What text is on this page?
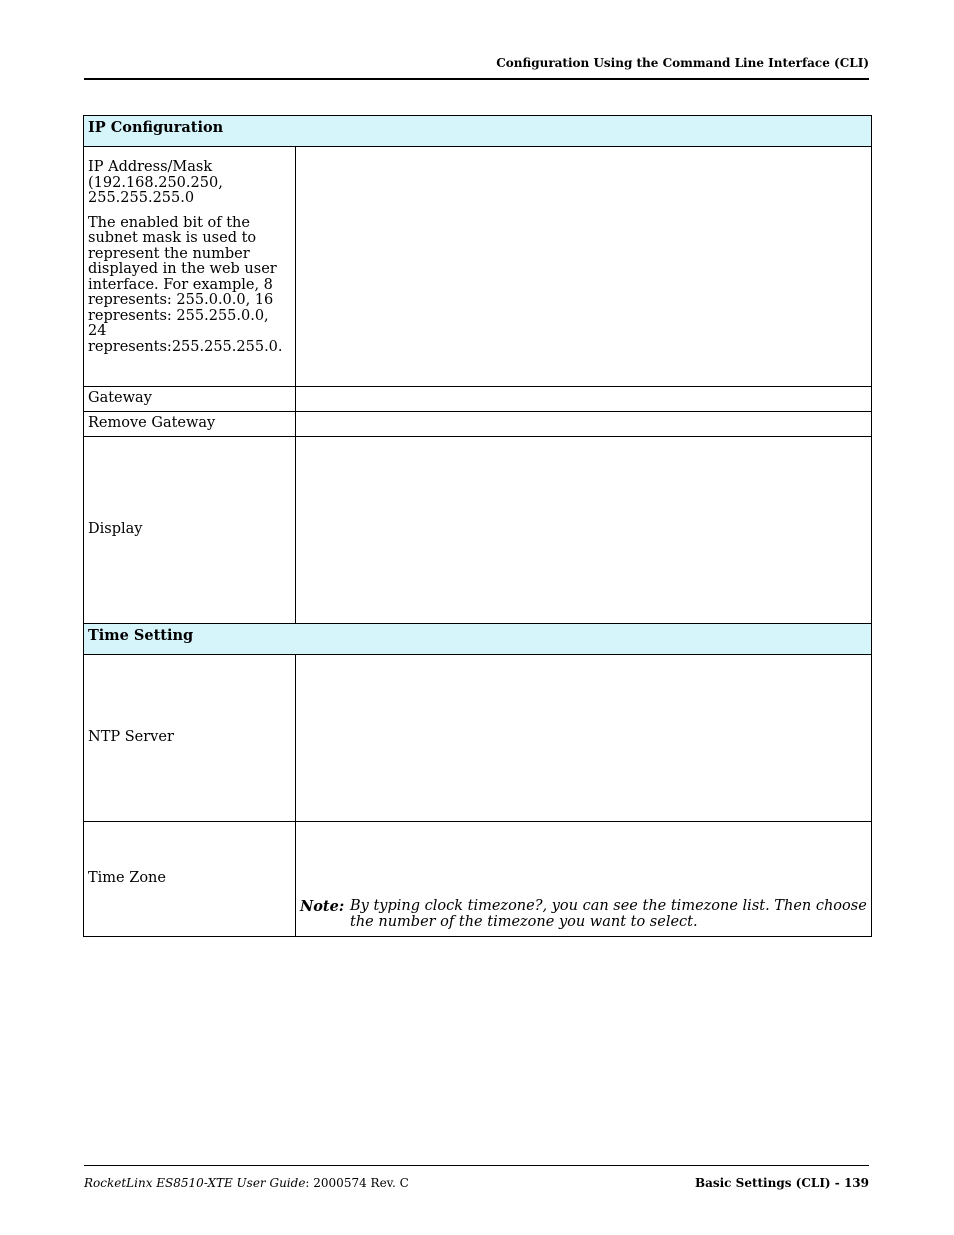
Configuration Using the Command Line Interface (CLI)
IP Configuration	

IP Address/Mask (192.168.250.250, 255.255.255.0

The enabled bit of the subnet mask is used to represent the number displayed in the web user interface. For example, 8 represents: 255.0.0.0, 16 represents: 255.255.0.0, 24 represents:255.255.255.0.	

Gateway	
Remove Gateway	
Display	
Time Setting	
NTP Server	
Time Zone	Note: By typing clock timezone?, you can see the timezone list. Then choose the number of the timezone you want to select.
RocketLinx ES8510-XTE User Guide: 2000574 Rev. C	Basic Settings (CLI) - 139
